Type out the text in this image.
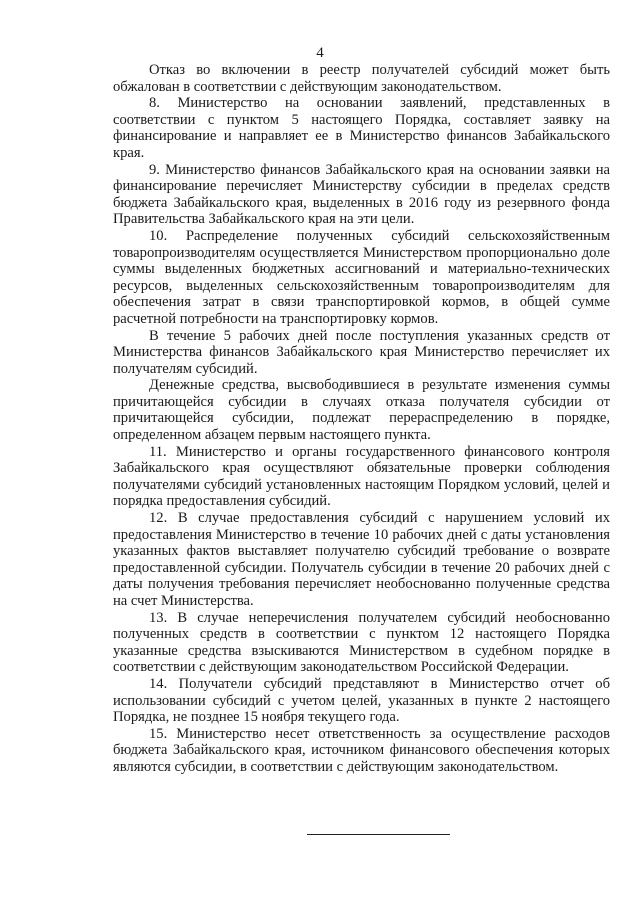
4

Отказ во включении в реестр получателей субсидий может быть обжалован в соответствии с действующим законодательством.

8. Министерство на основании заявлений, представленных в соответствии с пунктом 5 настоящего Порядка, составляет заявку на финансирование и направляет ее в Министерство финансов Забайкальского края.

9. Министерство финансов Забайкальского края на основании заявки на финансирование перечисляет Министерству субсидии в пределах средств бюджета Забайкальского края, выделенных в 2016 году из резервного фонда Правительства Забайкальского края на эти цели.

10. Распределение полученных субсидий сельскохозяйственным товаропроизводителям осуществляется Министерством пропорционально доле суммы выделенных бюджетных ассигнований и материально-технических ресурсов, выделенных сельскохозяйственным товаропроизводителям для обеспечения затрат в связи транспортировкой кормов, в общей сумме расчетной потребности на транспортировку кормов.

В течение 5 рабочих дней после поступления указанных средств от Министерства финансов Забайкальского края Министерство перечисляет их получателям субсидий.

Денежные средства, высвободившиеся в результате изменения суммы причитающейся субсидии в случаях отказа получателя субсидии от причитающейся субсидии, подлежат перераспределению в порядке, определенном абзацем первым настоящего пункта.

11. Министерство и органы государственного финансового контроля Забайкальского края осуществляют обязательные проверки соблюдения получателями субсидий установленных настоящим Порядком условий, целей и порядка предоставления субсидий.

12. В случае предоставления субсидий с нарушением условий их предоставления Министерство в течение 10 рабочих дней с даты установления указанных фактов выставляет получателю субсидий требование о возврате предоставленной субсидии. Получатель субсидии в течение 20 рабочих дней с даты получения требования перечисляет необоснованно полученные средства на счет Министерства.

13. В случае неперечисления получателем субсидий необоснованно полученных средств в соответствии с пунктом 12 настоящего Порядка указанные средства взыскиваются Министерством в судебном порядке в соответствии с действующим законодательством Российской Федерации.

14. Получатели субсидий представляют в Министерство отчет об использовании субсидий с учетом целей, указанных в пункте 2 настоящего Порядка, не позднее 15 ноября текущего года.

15. Министерство несет ответственность за осуществление расходов бюджета Забайкальского края, источником финансового обеспечения которых являются субсидии, в соответствии с действующим законодательством.
